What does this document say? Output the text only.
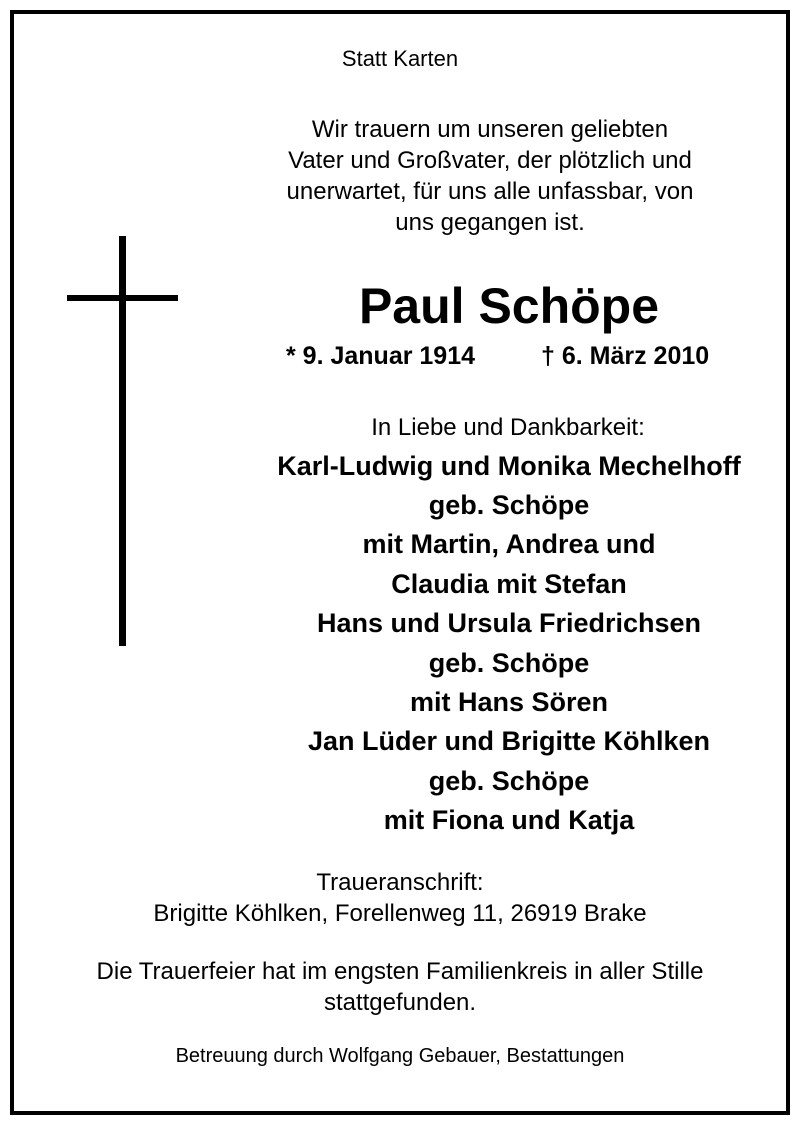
Statt Karten
Wir trauern um unseren geliebten
Vater und Großvater, der plötzlich und
unerwartet, für uns alle unfassbar, von
uns gegangen ist.
Paul Schöpe
* 9. Januar 1914	† 6. März 2010
In Liebe und Dankbarkeit:
Karl-Ludwig und Monika Mechelhoff
geb. Schöpe
mit Martin, Andrea und
Claudia mit Stefan
Hans und Ursula Friedrichsen
geb. Schöpe
mit Hans Sören
Jan Lüder und Brigitte Köhlken
geb. Schöpe
mit Fiona und Katja
Traueranschrift:
Brigitte Köhlken, Forellenweg 11, 26919 Brake
Die Trauerfeier hat im engsten Familienkreis in aller Stille
stattgefunden.
Betreuung durch Wolfgang Gebauer, Bestattungen
